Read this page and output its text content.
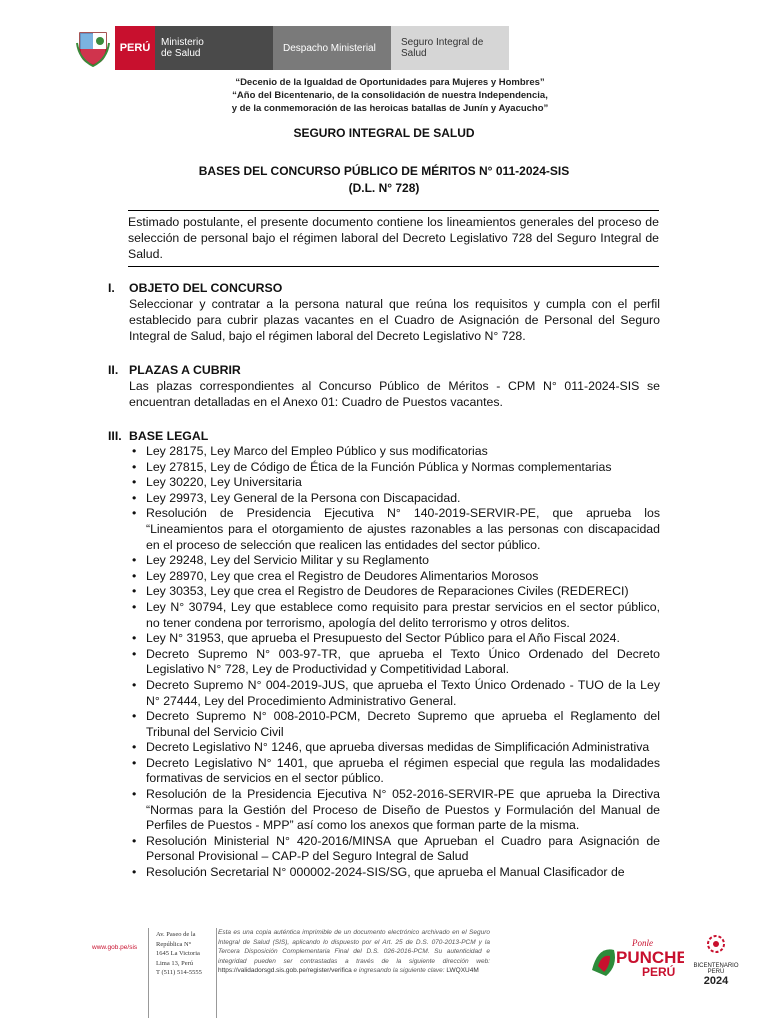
PERÚ	Ministerio
de Salud	Despacho Ministerial	Seguro Integral de Salud
“Decenio de la Igualdad de Oportunidades para Mujeres y Hombres”
“Año del Bicentenario, de la consolidación de nuestra Independencia,
y de la conmemoración de las heroicas batallas de Junín y Ayacucho”
SEGURO INTEGRAL DE SALUD
BASES DEL CONCURSO PÚBLICO DE MÉRITOS N° 011-2024-SIS
(D.L. N° 728)
Estimado postulante, el presente documento contiene los lineamientos generales del proceso de selección de personal bajo el régimen laboral del Decreto Legislativo 728 del Seguro Integral de Salud.
I.	OBJETO DEL CONCURSO
Seleccionar y contratar a la persona natural que reúna los requisitos y cumpla con el perfil establecido para cubrir plazas vacantes en el Cuadro de Asignación de Personal del Seguro Integral de Salud, bajo el régimen laboral del Decreto Legislativo N° 728.
II. PLAZAS A CUBRIR
Las plazas correspondientes al Concurso Público de Méritos - CPM N° 011-2024-SIS se encuentran detalladas en el Anexo 01: Cuadro de Puestos vacantes.
III. BASE LEGAL
• Ley 28175, Ley Marco del Empleo Público y sus modificatorias
• Ley 27815, Ley de Código de Ética de la Función Pública y Normas complementarias
• Ley 30220, Ley Universitaria
• Ley 29973, Ley General de la Persona con Discapacidad.
• Resolución de Presidencia Ejecutiva N° 140-2019-SERVIR-PE, que aprueba los “Lineamientos para el otorgamiento de ajustes razonables a las personas con discapacidad en el proceso de selección que realicen las entidades del sector público.
• Ley 29248, Ley del Servicio Militar y su Reglamento
• Ley 28970, Ley que crea el Registro de Deudores Alimentarios Morosos
• Ley 30353, Ley que crea el Registro de Deudores de Reparaciones Civiles (REDERECI)
• Ley N° 30794, Ley que establece como requisito para prestar servicios en el sector público, no tener condena por terrorismo, apología del delito terrorismo y otros delitos.
• Ley N° 31953, que aprueba el Presupuesto del Sector Público para el Año Fiscal 2024.
• Decreto Supremo N° 003-97-TR, que aprueba el Texto Único Ordenado del Decreto Legislativo N° 728, Ley de Productividad y Competitividad Laboral.
• Decreto Supremo N° 004-2019-JUS, que aprueba el Texto Único Ordenado - TUO de la Ley N° 27444, Ley del Procedimiento Administrativo General.
• Decreto Supremo N° 008-2010-PCM, Decreto Supremo que aprueba el Reglamento del Tribunal del Servicio Civil
• Decreto Legislativo N° 1246, que aprueba diversas medidas de Simplificación Administrativa
• Decreto Legislativo N° 1401, que aprueba el régimen especial que regula las modalidades formativas de servicios en el sector público.
• Resolución de la Presidencia Ejecutiva N° 052-2016-SERVIR-PE que aprueba la Directiva “Normas para la Gestión del Proceso de Diseño de Puestos y Formulación del Manual de Perfiles de Puestos - MPP” así como los anexos que forman parte de la misma.
• Resolución Ministerial N° 420-2016/MINSA que Aprueban el Cuadro para Asignación de Personal Provisional – CAP-P del Seguro Integral de Salud
• Resolución Secretarial N° 000002-2024-SIS/SG, que aprueba el Manual Clasificador de
www.gob.pe/sis
Av. Paseo de la
República N°
1645 La Victoria
Lima 13, Perú
T (511) 514-5555
Esta es una copia auténtica imprimible de un documento electrónico archivado en el Seguro Integral de Salud (SIS), aplicando lo dispuesto por el Art. 25 de D.S. 070-2013-PCM y la Tercera Disposición Complementaria Final del D.S. 026-2016-PCM. Su autenticidad e integridad pueden ser contrastadas a través de la siguiente dirección web: https://validadorsgd.sis.gob.pe/register/verifica e ingresando la siguiente clave: LWQXU4M
Ponle
PUNCHE
PERÚ	BICENTENARIO
PERÚ
2024
